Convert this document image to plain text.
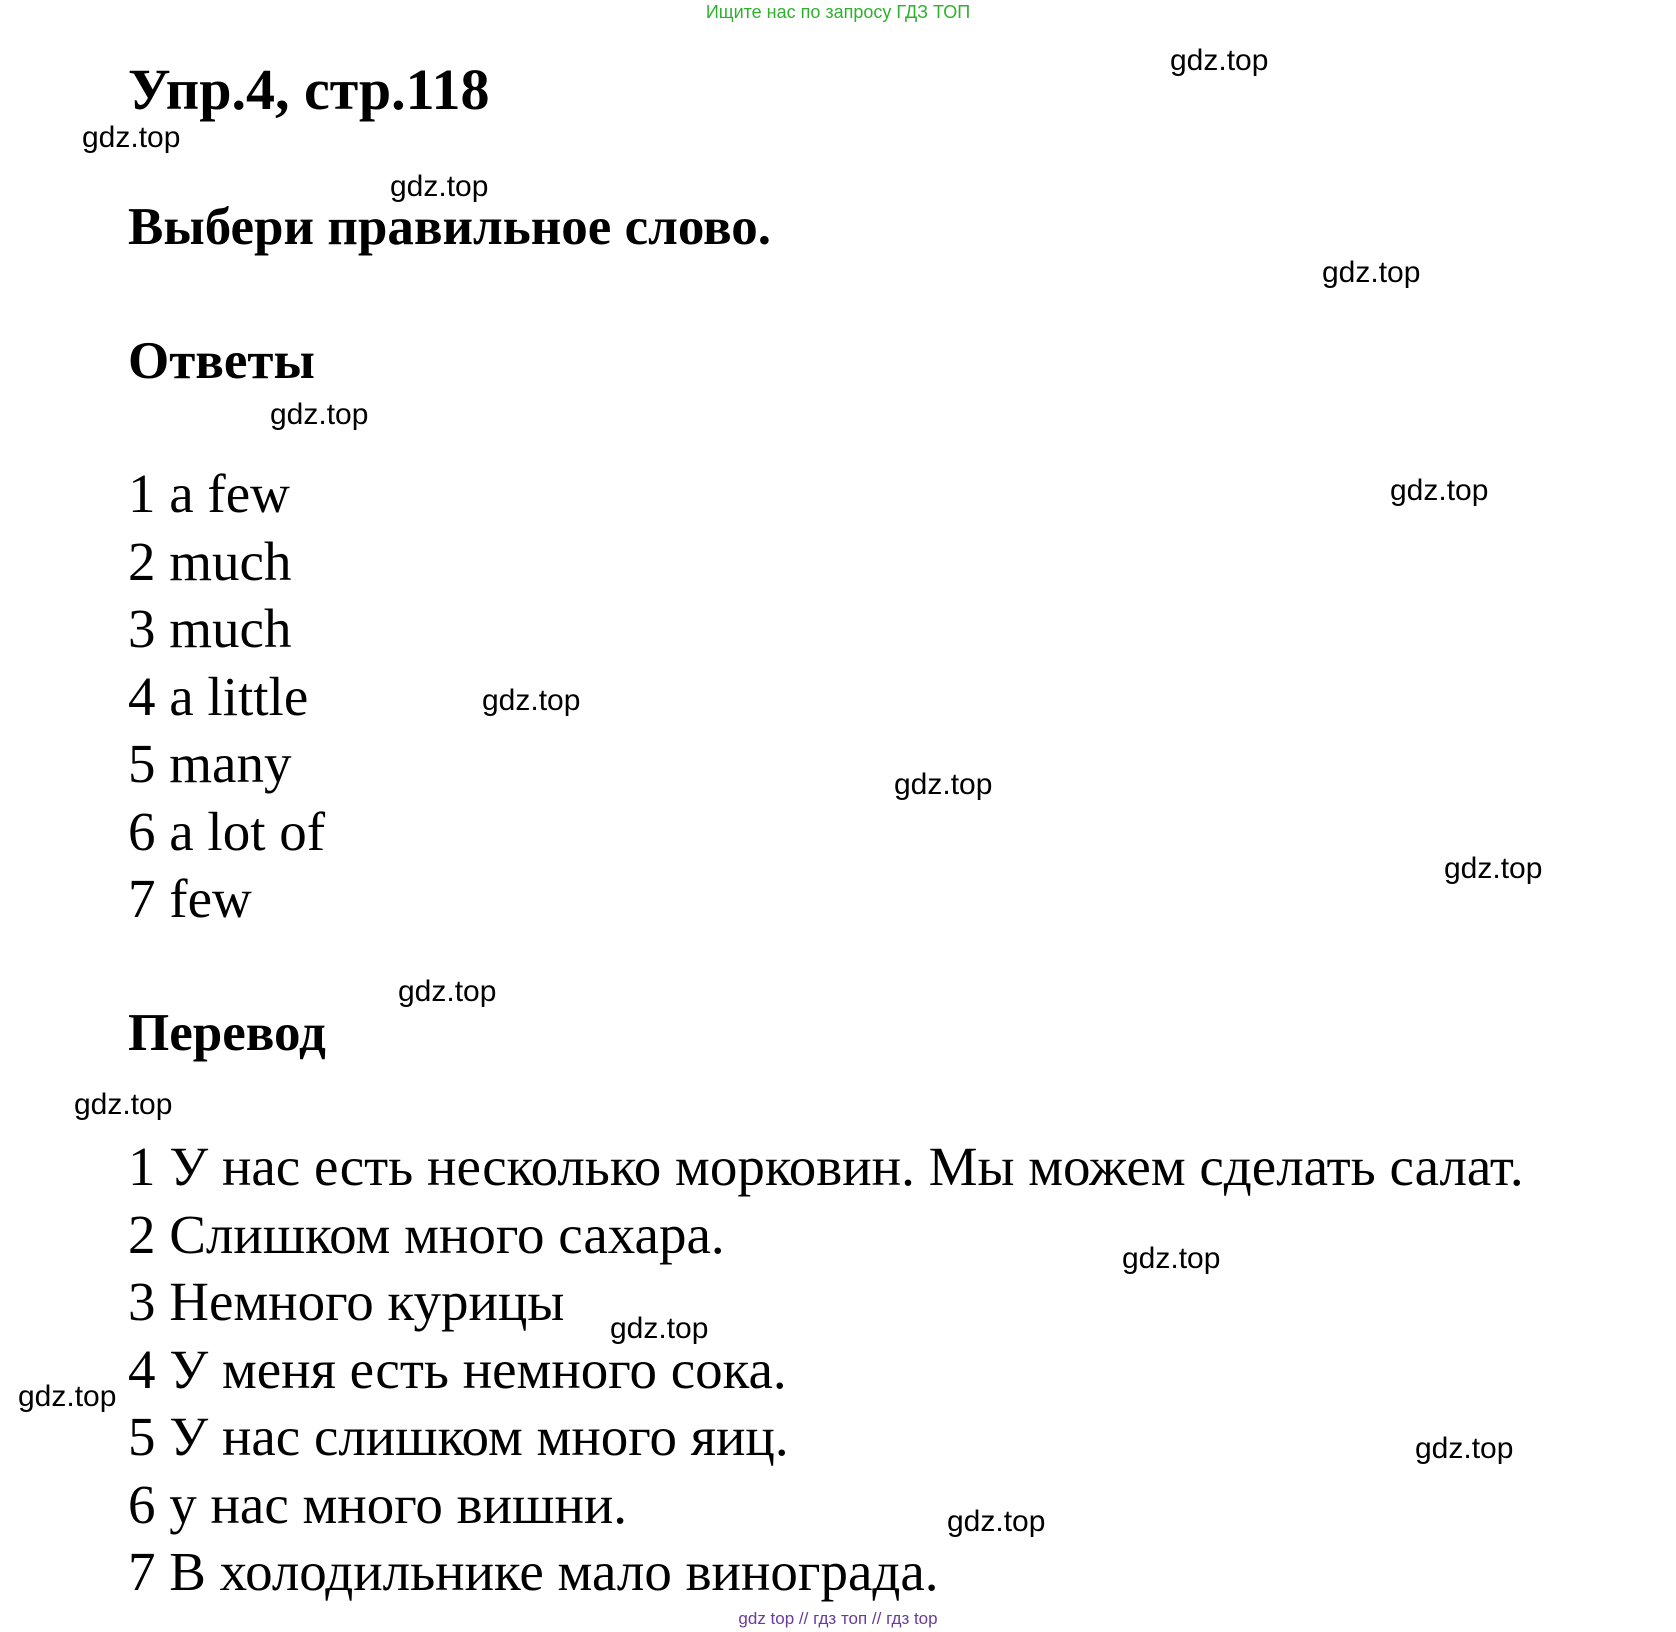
Ищите нас по запросу ГДЗ ТОП
Упр.4, стр.118
Выбери правильное слово.
Ответы
1 a few
2 much
3 much
4 a little
5 many
6 a lot of
7 few
Перевод
1 У нас есть несколько морковин. Мы можем сделать салат.
2 Слишком много сахара.
3 Немного курицы
4 У меня есть немного сока.
5 У нас слишком много яиц.
6 у нас много вишни.
7 В холодильнике мало винограда.
gdz.top
gdz.top
gdz.top
gdz.top
gdz.top
gdz.top
gdz.top
gdz.top
gdz.top
gdz.top
gdz.top
gdz.top
gdz.top
gdz.top
gdz.top
gdz.top
gdz top // гдз топ // гдз top
